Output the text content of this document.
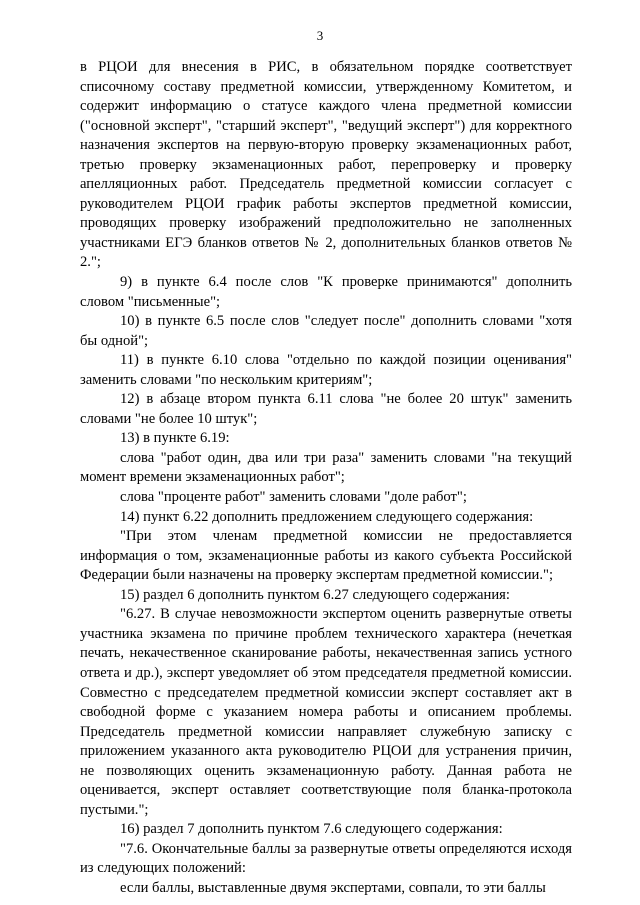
3

в РЦОИ для внесения в РИС, в обязательном порядке соответствует списочному составу предметной комиссии, утвержденному Комитетом, и содержит информацию о статусе каждого члена предметной комиссии ("основной эксперт", "старший эксперт", "ведущий эксперт") для корректного назначения экспертов на первую-вторую проверку экзаменационных работ, третью проверку экзаменационных работ, перепроверку и проверку апелляционных работ. Председатель предметной комиссии согласует с руководителем РЦОИ график работы экспертов предметной комиссии, проводящих проверку изображений предположительно не заполненных участниками ЕГЭ бланков ответов № 2, дополнительных бланков ответов № 2.";

9) в пункте 6.4 после слов "К проверке принимаются" дополнить словом "письменные";

10) в пункте 6.5 после слов "следует после" дополнить словами "хотя бы одной";

11) в пункте 6.10 слова "отдельно по каждой позиции оценивания" заменить словами "по нескольким критериям";

12) в абзаце втором пункта 6.11 слова "не более 20 штук" заменить словами "не более 10 штук";

13) в пункте 6.19:

слова "работ один, два или три раза" заменить словами "на текущий момент времени экзаменационных работ";

слова "проценте работ" заменить словами "доле работ";

14) пункт 6.22 дополнить предложением следующего содержания:

"При этом членам предметной комиссии не предоставляется информация о том, экзаменационные работы из какого субъекта Российской Федерации были назначены на проверку экспертам предметной комиссии.";

15) раздел 6 дополнить пунктом 6.27 следующего содержания:

"6.27. В случае невозможности экспертом оценить развернутые ответы участника экзамена по причине проблем технического характера (нечеткая печать, некачественное сканирование работы, некачественная запись устного ответа и др.), эксперт уведомляет об этом председателя предметной комиссии. Совместно с председателем предметной комиссии эксперт составляет акт в свободной форме с указанием номера работы и описанием проблемы. Председатель предметной комиссии направляет служебную записку с приложением указанного акта руководителю РЦОИ для устранения причин, не позволяющих оценить экзаменационную работу. Данная работа не оценивается, эксперт оставляет соответствующие поля бланка-протокола пустыми.";

16) раздел 7 дополнить пунктом 7.6 следующего содержания:

"7.6. Окончательные баллы за развернутые ответы определяются исходя из следующих положений:

если баллы, выставленные двумя экспертами, совпали, то эти баллы
